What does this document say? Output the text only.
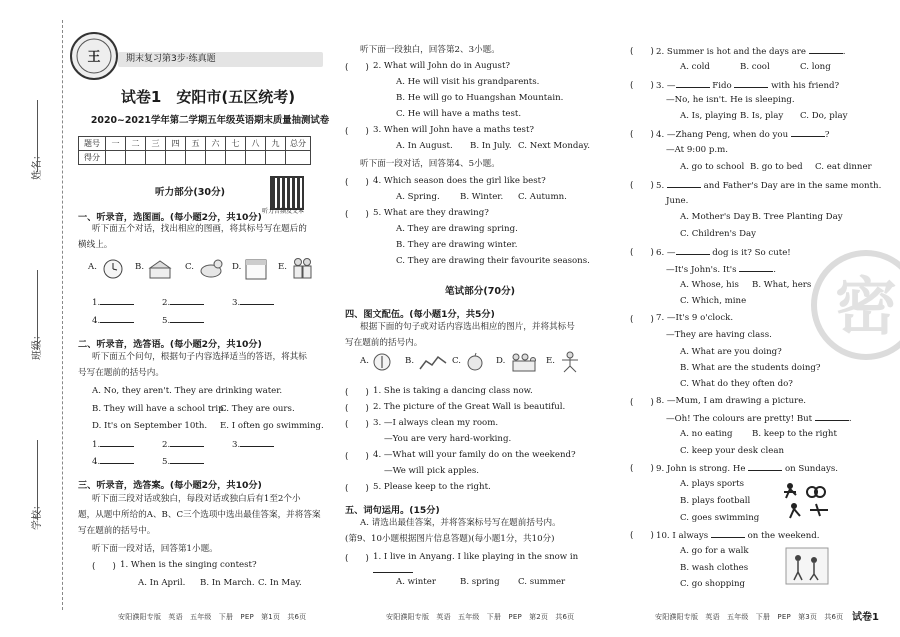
姓名：
班级：
学校：
王	期末复习第3步·练真题
试卷1　安阳市(五区统考)
2020~2021学年第二学期五年级英语期末质量抽测试卷
题号	一	二	三	四	五	六	七	八	九	总分
得分										
听力部分(30分)
听力音频及文本
一、听录音，选图画。(每小题2分，共10分)
听下面五个对话，找出相应的图画，将其标号写在题后的
横线上。
A.	B.	C.	D.	E.
1.	2.	3.
4.	5.
二、听录音，选答语。(每小题2分，共10分)
听下面五个问句，根据句子内容选择适当的答语，将其标
号写在题前的括号内。
A. No, they aren't. They are drinking water.
B. They will have a school trip.
C. They are ours.
D. It's on September 10th. E. I often go swimming.
1.	2.	3.
4.	5.
三、听录音，选答案。(每小题2分，共10分)
听下面三段对话或独白，每段对话或独白后有1至2个小
题，从题中所给的A、B、C三个选项中选出最佳答案，并将答案
写在题前的括号中。
听下面一段对话，回答第1小题。
(　　) 1. When is the singing contest?
A. In April. B. In March. C. In May.
安阳濮阳专版　英语　五年级　下册　PEP　第1页　共6页
听下面一段独白，回答第2、3小题。
(　　) 2. What will John do in August?
A. He will visit his grandparents.
B. He will go to Huangshan Mountain.
C. He will have a maths test.
(　　) 3. When will John have a maths test?
A. In August. B. In July. C. Next Monday.
听下面一段对话，回答第4、5小题。
(　　) 4. Which season does the girl like best?
A. Spring. B. Winter. C. Autumn.
(　　) 5. What are they drawing?
A. They are drawing spring.
B. They are drawing winter.
C. They are drawing their favourite seasons.
笔试部分(70分)
四、图文配伍。(每小题1分，共5分)
根据下面的句子或对话内容选出相应的图片，并将其标号
写在题前的括号内。
A.	B.	C.	D.	E.
(　　) 1. She is taking a dancing class now.
(　　) 2. The picture of the Great Wall is beautiful.
(　　) 3. —I always clean my room.
—You are very hard-working.
(　　) 4. —What will your family do on the weekend?
—We will pick apples.
(　　) 5. Please keep to the right.
五、词句运用。(15分)
A. 请选出最佳答案，并将答案标号写在题前括号内。
(第9、10小题根据图片信息答题)(每小题1分，共10分)
(　　) 1. I live in Anyang. I like playing in the snow in
A. winter	B. spring C. summer
安阳濮阳专版　英语　五年级　下册　PEP　第2页　共6页
密
(　　) 2. Summer is hot and the days are	.
A. cold	B. cool	C. long
(　　) 3. —	Fido	with his friend?
—No, he isn't. He is sleeping.
A. Is, playing B. Is, play C. Do, play
(　　) 4. —Zhang Peng, when do you	?
—At 9:00 p.m.
A. go to school B. go to bed C. eat dinner
(　　) 5.	and Father's Day are in the same month.
June.
A. Mother's Day B. Tree Planting Day
C. Children's Day
(　　) 6. —	dog is it? So cute!
—It's John's. It's	.
A. Whose, his B. What, hers
C. Which, mine
(　　) 7. —It's 9 o'clock.
—They are having class.
A. What are you doing?
B. What are the students doing?
C. What do they often do?
(　　) 8. —Mum, I am drawing a picture.
—Oh! The colours are pretty! But	.
A. no eating B. keep to the right
C. keep your desk clean
(　　) 9. John is strong. He	on Sundays.
A. plays sports
B. plays football
C. goes swimming
(　　) 10. I always	on the weekend.
A. go for a walk
B. wash clothes
C. go shopping
安阳濮阳专版　英语　五年级　下册　PEP　第3页　共6页 试卷1
